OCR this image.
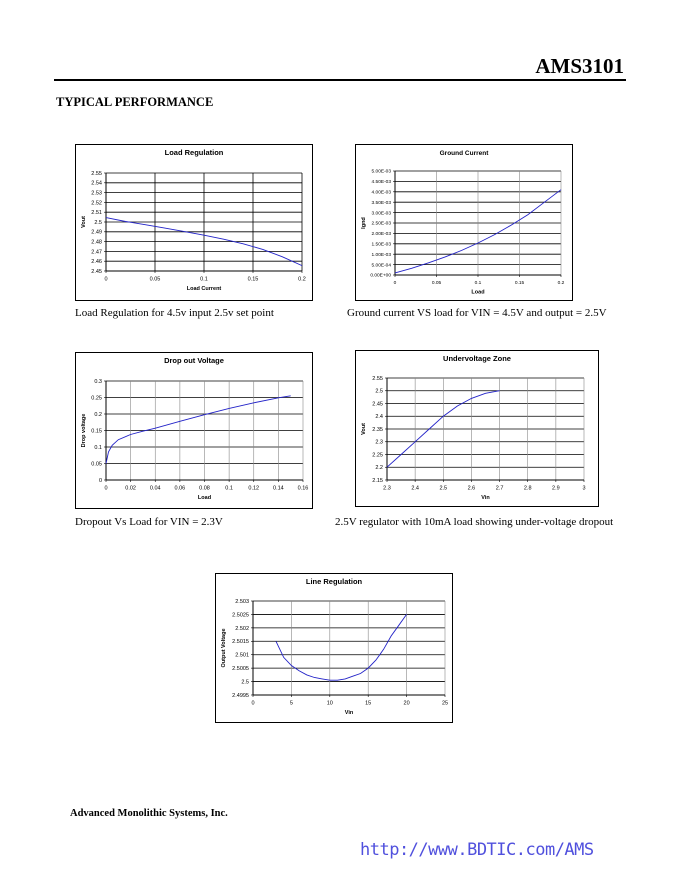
AMS3101
TYPICAL PERFORMANCE
Load Regulation
2.45
2.46
2.47
2.48
2.49
2.5
2.51
2.52
2.53
2.54
2.55
0	0.05	0.1	0.15	0.2
Load Current
Vout
Ground Current
0.00E+00
5.00E-04
1.00E-03
1.50E-03
2.00E-03
2.50E-03
3.00E-03
3.50E-03
4.00E-03
4.50E-03
5.00E-03
0	0.05	0.1	0.15	0.2
Load
Ignd
Drop out Voltage
0
0.05
0.1
0.15
0.2
0.25
0.3
0	0.02	0.04	0.06	0.08	0.1	0.12	0.14	0.16
Load
Drop voltage
Undervoltage Zone
2.15
2.2
2.25
2.3
2.35
2.4
2.45
2.5
2.55
2.3	2.4	2.5	2.6	2.7	2.8	2.9	3
Vin
Vout
Line Regulation
2.4995
2.5
2.5005
2.501
2.5015
2.502
2.5025
2.503
0	5	10	15	20	25
Vin
Output Voltage
Load Regulation for 4.5v input 2.5v set point	Ground current VS load for VIN = 4.5V and output = 2.5V
Dropout Vs Load for VIN = 2.3V	2.5V regulator with 10mA load showing under-voltage dropout
Advanced Monolithic Systems, Inc.
http://www.BDTIC.com/AMS
